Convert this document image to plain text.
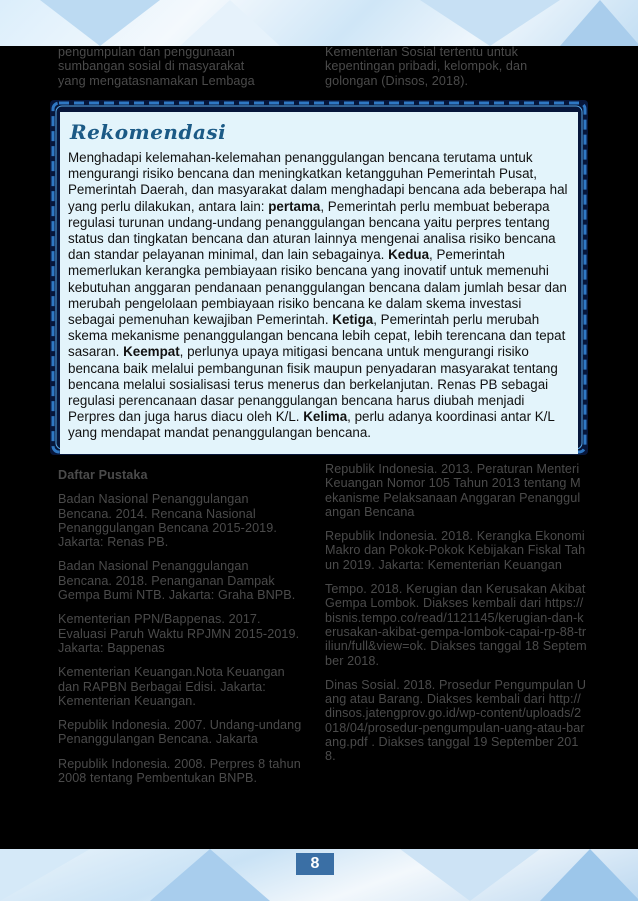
pengumpulan dan penggunaan
sumbangan sosial di masyarakat
yang mengatasnamakan Lembaga
Kementerian Sosial tertentu untuk
kepentingan pribadi, kelompok, dan
golongan (Dinsos, 2018).
Rekomendasi

Menghadapi kelemahan-kelemahan penanggulangan bencana terutama untuk mengurangi risiko bencana dan meningkatkan ketangguhan Pemerintah Pusat, Pemerintah Daerah, dan masyarakat dalam menghadapi bencana ada beberapa hal yang perlu dilakukan, antara lain: pertama, Pemerintah perlu membuat beberapa regulasi turunan undang-undang penanggulangan bencana yaitu perpres tentang status dan tingkatan bencana dan aturan lainnya mengenai analisa risiko bencana dan standar pelayanan minimal, dan lain sebagainya. Kedua, Pemerintah memerlukan kerangka pembiayaan risiko bencana yang inovatif untuk memenuhi kebutuhan anggaran pendanaan penanggulangan bencana dalam jumlah besar dan merubah pengelolaan pembiayaan risiko bencana ke dalam skema investasi sebagai pemenuhan kewajiban Pemerintah. Ketiga, Pemerintah perlu merubah skema mekanisme penanggulangan bencana lebih cepat, lebih terencana dan tepat sasaran. Keempat, perlunya upaya mitigasi bencana untuk mengurangi risiko bencana baik melalui pembangunan fisik maupun penyadaran masyarakat tentang bencana melalui sosialisasi terus menerus dan berkelanjutan. Renas PB sebagai regulasi perencanaan dasar penanggulangan bencana harus diubah menjadi Perpres dan juga harus diacu oleh K/L. Kelima, perlu adanya koordinasi antar K/L yang mendapat mandat penanggulangan bencana.

Daftar Pustaka

Badan Nasional Penanggulangan Bencana. 2014. Rencana Nasional Penanggulangan Bencana 2015-2019. Jakarta: Renas PB.

Badan Nasional Penanggulangan Bencana. 2018. Penanganan Dampak Gempa Bumi NTB. Jakarta: Graha BNPB.

Kementerian PPN/Bappenas. 2017. Evaluasi Paruh Waktu RPJMN 2015-2019. Jakarta: Bappenas

Kementerian Keuangan.Nota Keuangan dan RAPBN Berbagai Edisi. Jakarta: Kementerian Keuangan.

Republik Indonesia. 2007. Undang-undang Penanggulangan Bencana. Jakarta

Republik Indonesia. 2008. Perpres 8 tahun 2008 tentang Pembentukan BNPB.

Republik Indonesia. 2013. Peraturan Menteri Keuangan Nomor 105 Tahun 2013 tentang Mekanisme Pelaksanaan Anggaran Penanggulangan Bencana

Republik Indonesia. 2018. Kerangka Ekonomi Makro dan Pokok-Pokok Kebijakan Fiskal Tahun 2019. Jakarta: Kementerian Keuangan

Tempo. 2018. Kerugian dan Kerusakan Akibat Gempa Lombok. Diakses kembali dari https://bisnis.tempo.co/read/1121145/kerugian-dan-kerusakan-akibat-gempa-lombok-capai-rp-88-triliun/full&view=ok. Diakses tanggal 18 September 2018.

Dinas Sosial. 2018. Prosedur Pengumpulan Uang atau Barang. Diakses kembali dari http://dinsos.jatengprov.go.id/wp-content/uploads/2018/04/prosedur-pengumpulan-uang-atau-barang.pdf . Diakses tanggal 19 September 2018.

8
